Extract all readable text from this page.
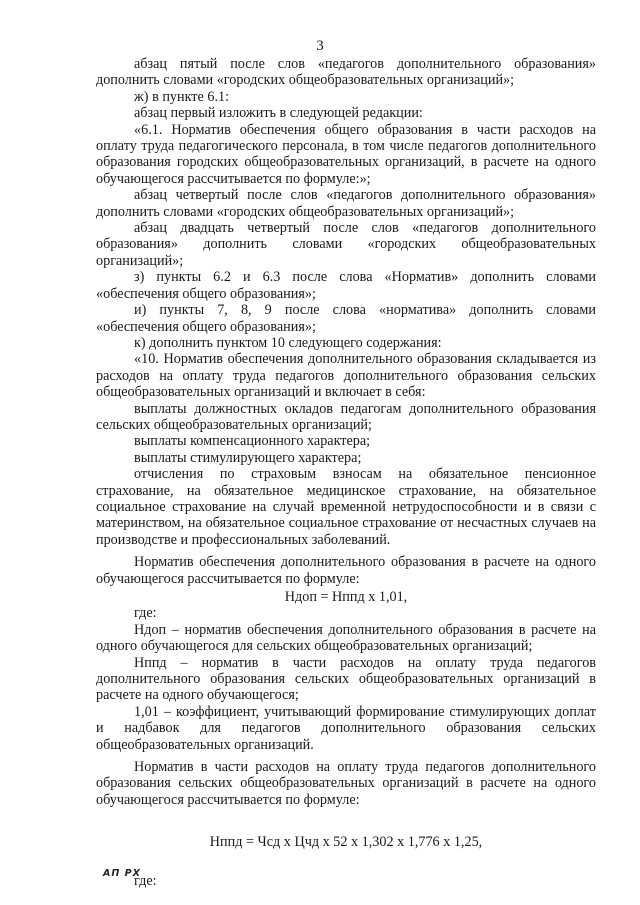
3

абзац пятый после слов «педагогов дополнительного образования» дополнить словами «городских общеобразовательных организаций»;

ж) в пункте 6.1:

абзац первый изложить в следующей редакции:

«6.1. Норматив обеспечения общего образования в части расходов на оплату труда педагогического персонала, в том числе педагогов дополнительного образования городских общеобразовательных организаций, в расчете на одного обучающегося рассчитывается по формуле:»;

абзац четвертый после слов «педагогов дополнительного образования» дополнить словами «городских общеобразовательных организаций»;

абзац двадцать четвертый после слов «педагогов дополнительного образования» дополнить словами «городских общеобразовательных организаций»;

з) пункты 6.2 и 6.3 после слова «Норматив» дополнить словами «обеспечения общего образования»;

и) пункты 7, 8, 9 после слова «норматива» дополнить словами «обеспечения общего образования»;

к) дополнить пунктом 10 следующего содержания:

«10. Норматив обеспечения дополнительного образования складывается из расходов на оплату труда педагогов дополнительного образования сельских общеобразовательных организаций и включает в себя:

выплаты должностных окладов педагогам дополнительного образования сельских общеобразовательных организаций;

выплаты компенсационного характера;

выплаты стимулирующего характера;

отчисления по страховым взносам на обязательное пенсионное страхование, на обязательное медицинское страхование, на обязательное социальное страхование на случай временной нетрудоспособности и в связи с материнством, на обязательное социальное страхование от несчастных случаев на производстве и профессиональных заболеваний.

Норматив обеспечения дополнительного образования в расчете на одного обучающегося рассчитывается по формуле:

Ндоп = Нппд х 1,01,

где:

Ндоп – норматив обеспечения дополнительного образования в расчете на одного обучающегося для сельских общеобразовательных организаций;

Нппд – норматив в части расходов на оплату труда педагогов дополнительного образования сельских общеобразовательных организаций в расчете на одного обучающегося;

1,01 – коэффициент, учитывающий формирование стимулирующих доплат и надбавок для педагогов дополнительного образования сельских общеобразовательных организаций.

Норматив в части расходов на оплату труда педагогов дополнительного образования сельских общеобразовательных организаций в расчете на одного обучающегося рассчитывается по формуле:

Нппд = Чсд х Цчд х 52 х 1,302 х 1,776 х 1,25,

где:

АП РХ
